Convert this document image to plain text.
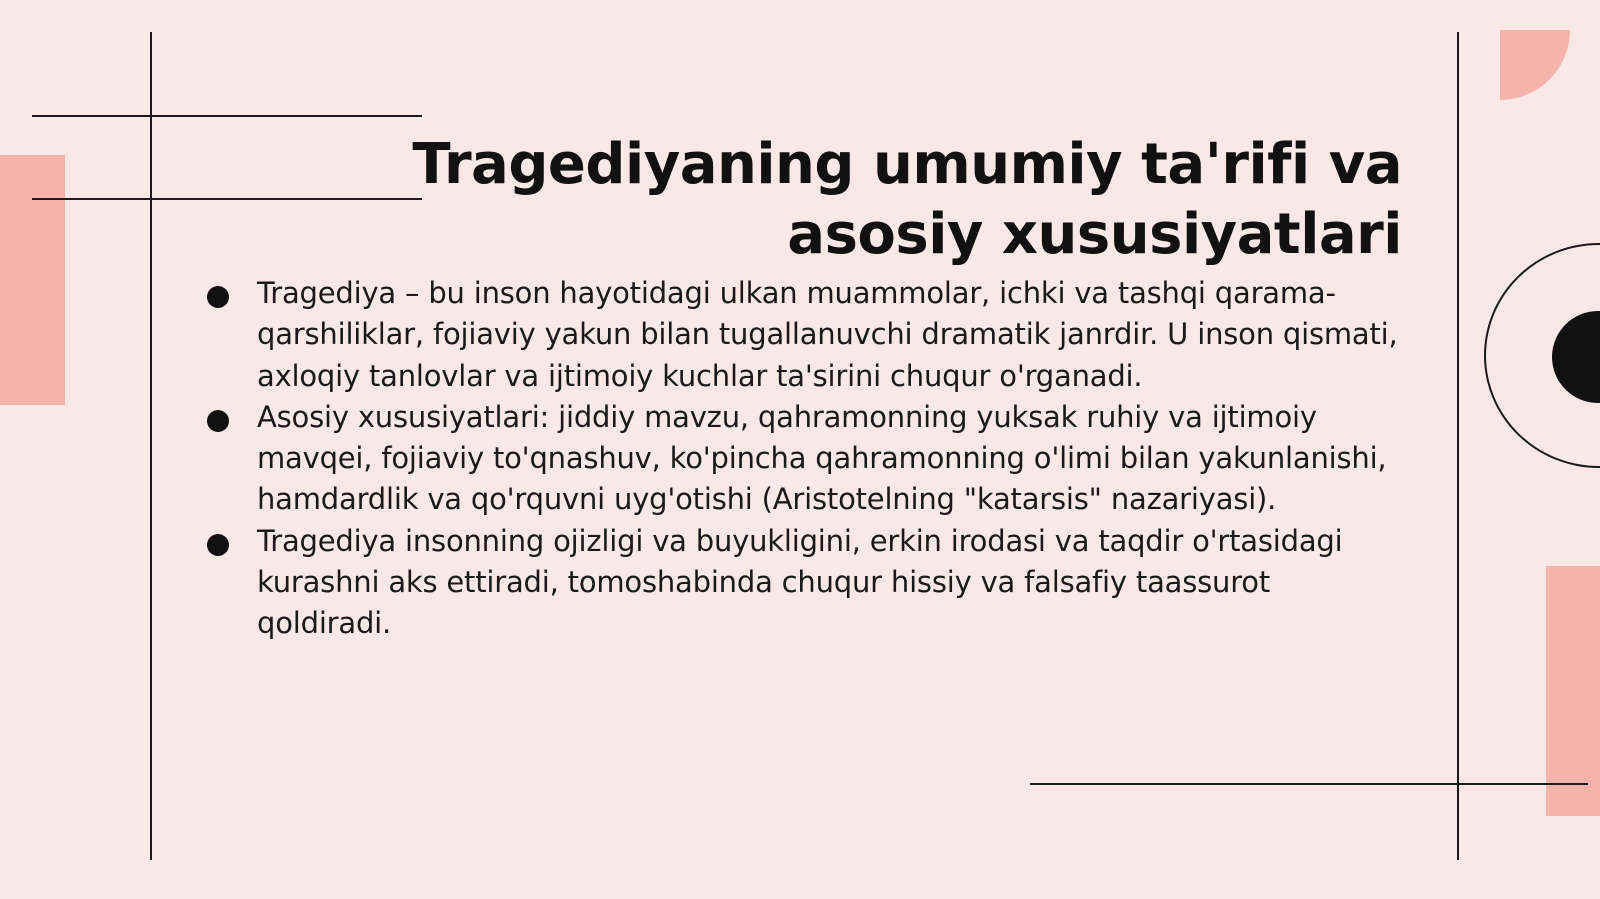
Tragediyaning umumiy ta'rifi va asosiy xususiyatlari
Tragediya – bu inson hayotidagi ulkan muammolar, ichki va tashqi qarama-qarshiliklar, fojiaviy yakun bilan tugallanuvchi dramatik janrdir. U inson qismati, axloqiy tanlovlar va ijtimoiy kuchlar ta'sirini chuqur o'rganadi.
Asosiy xususiyatlari: jiddiy mavzu, qahramonning yuksak ruhiy va ijtimoiy mavqei, fojiaviy to'qnashuv, ko'pincha qahramonning o'limi bilan yakunlanishi, hamdardlik va qo'rquvni uyg'otishi (Aristotelning "katarsis" nazariyasi).
Tragediya insonning ojizligi va buyukligini, erkin irodasi va taqdir o'rtasidagi kurashni aks ettiradi, tomoshabinda chuqur hissiy va falsafiy taassurot qoldiradi.
